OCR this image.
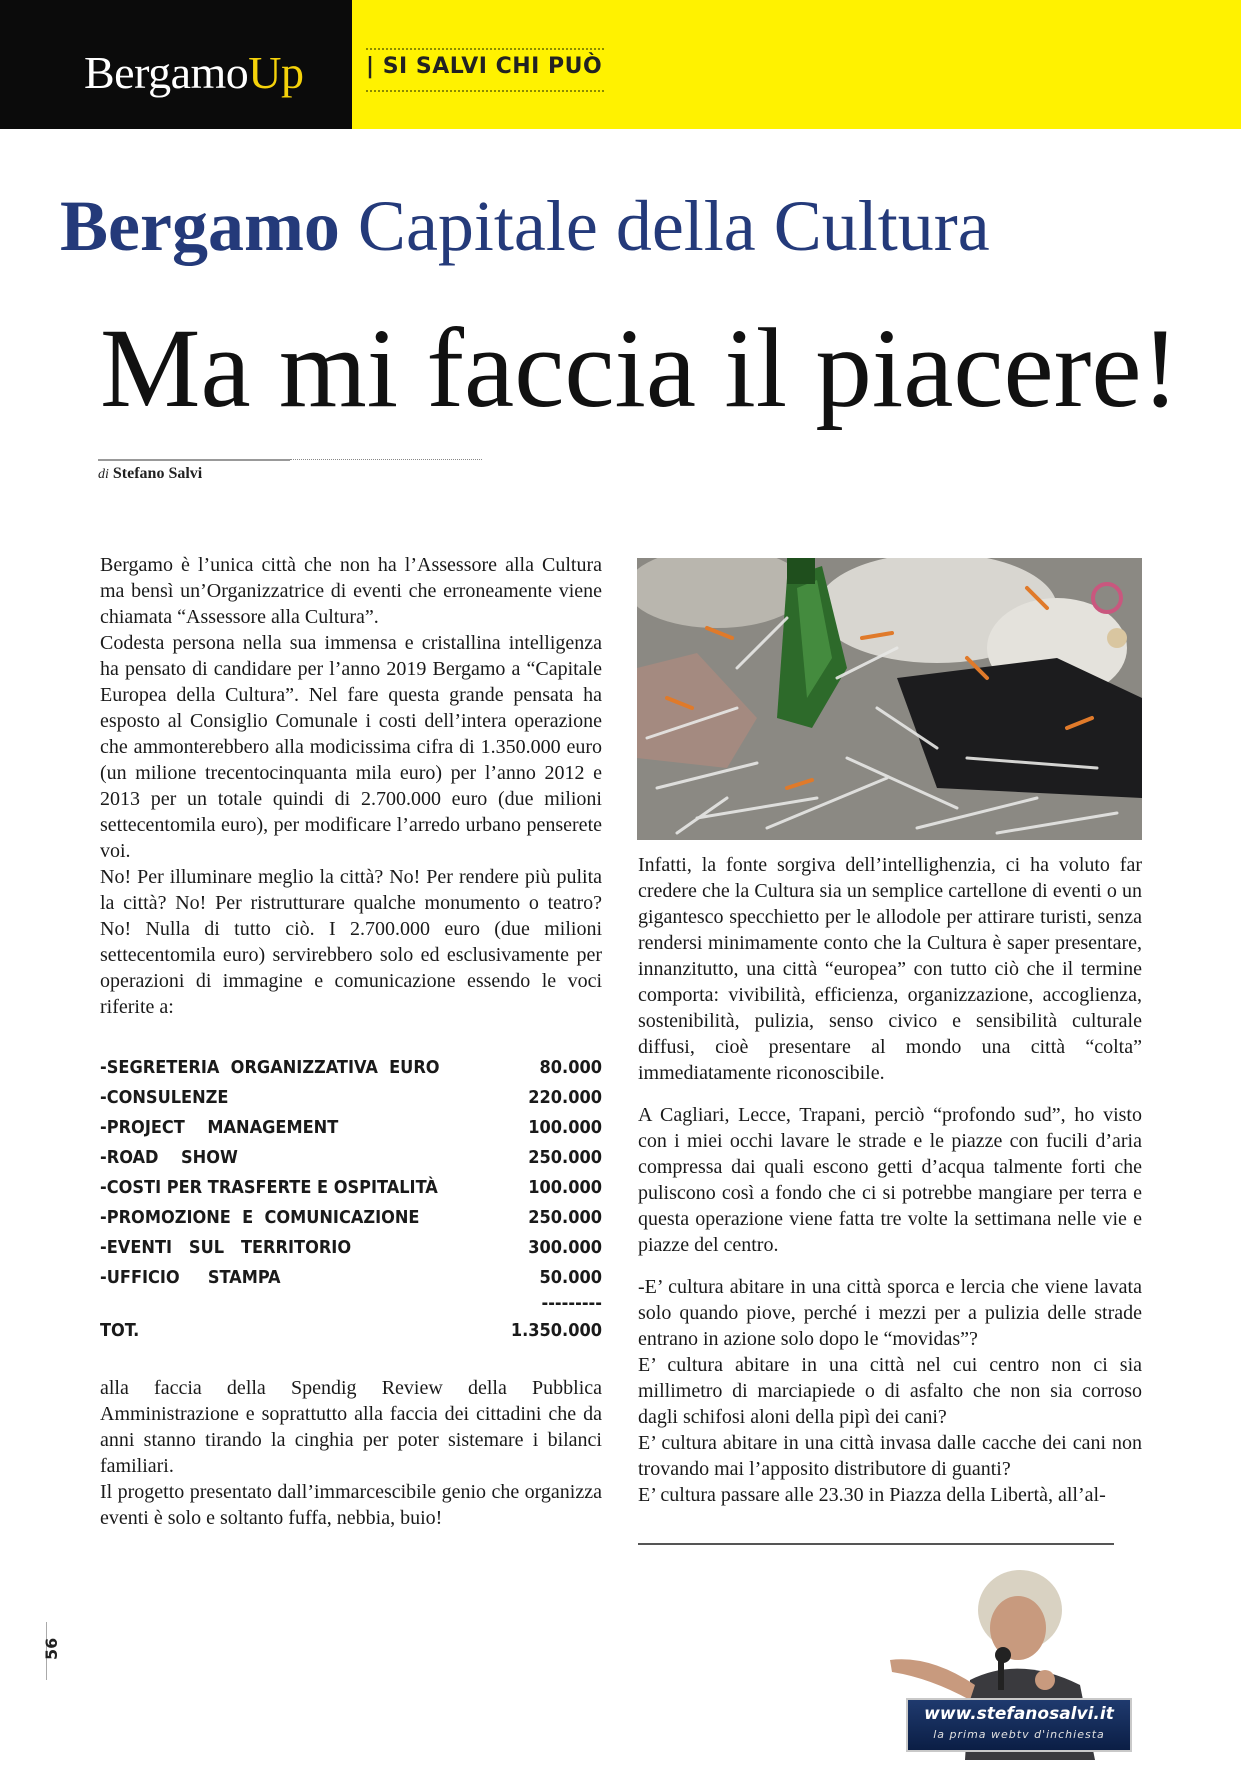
BergamoUp	| SI SALVI CHI PUÒ
Bergamo Capitale della Cultura
Ma mi faccia il piacere!
di Stefano Salvi

Bergamo è l’unica città che non ha l’Assessore alla Cultura ma bensì un’Organizzatrice di eventi che erroneamente viene chiamata “Assessore alla Cultura”.

Codesta persona nella sua immensa e cristallina intelligenza ha pensato di candidare per l’anno 2019 Bergamo a “Capitale Europea della Cultura”. Nel fare questa grande pensata ha esposto al Consiglio Comunale i costi dell’intera operazione che ammonterebbero alla modicissima cifra di 1.350.000 euro (un milione trecentocinquanta mila euro) per l’anno 2012 e 2013 per un totale quindi di 2.700.000 euro (due milioni settecentomila euro), per modificare l’arredo urbano penserete voi.

No! Per illuminare meglio la città? No! Per rendere più pulita la città? No! Per ristrutturare qualche monumento o teatro? No! Nulla di tutto ciò. I 2.700.000 euro (due milioni settecentomila euro) servirebbero solo ed esclusivamente per operazioni di immagine e comunicazione essendo le voci riferite a:

-SEGRETERIA  ORGANIZZATIVA  EURO	80.000
-CONSULENZE	220.000
-PROJECT    MANAGEMENT	100.000
-ROAD    SHOW	250.000
-COSTI PER TRASFERTE E OSPITALITÀ	100.000
-PROMOZIONE  E  COMUNICAZIONE	250.000
-EVENTI   SUL   TERRITORIO	300.000
-UFFICIO     STAMPA	50.000
---------
TOT.	1.350.000

alla faccia della Spendig Review della Pubblica Amministrazione e soprattutto alla faccia dei cittadini che da anni stanno tirando la cinghia per poter sistemare i bilanci familiari.

Il progetto presentato dall’immarcescibile genio che organizza eventi è solo e soltanto fuffa, nebbia, buio!

Infatti, la fonte sorgiva dell’intellighenzia, ci ha voluto far credere che la Cultura sia un semplice cartellone di eventi o un gigantesco specchietto per le allodole per attirare turisti, senza rendersi minimamente conto che la Cultura è saper presentare, innanzitutto, una città “europea” con tutto ciò che il termine comporta: vivibilità, efficienza, organizzazione, accoglienza, sostenibilità, pulizia, senso civico e sensibilità culturale diffusi, cioè presentare al mondo una città “colta” immediatamente riconoscibile.

A Cagliari, Lecce, Trapani, perciò “profondo sud”, ho visto con i miei occhi lavare le strade e le piazze con fucili d’aria compressa dai quali escono getti d’acqua talmente forti che puliscono così a fondo che ci si potrebbe mangiare per terra e questa operazione viene fatta tre volte la settimana nelle vie e piazze del centro.

-E’ cultura abitare in una città sporca e lercia che viene lavata solo quando piove, perché i mezzi per a pulizia delle strade entrano in azione solo dopo le “movidas”?

E’ cultura abitare in una città nel cui centro non ci sia millimetro di marciapiede o di asfalto che non sia corroso dagli schifosi aloni della pipì dei cani?

E’ cultura abitare in una città invasa dalle cacche dei cani non trovando mai l’apposito distributore di guanti?

E’ cultura passare alle 23.30 in Piazza della Libertà, all’al-

56
www.stefanosalvi.it
la prima webtv d'inchiesta
